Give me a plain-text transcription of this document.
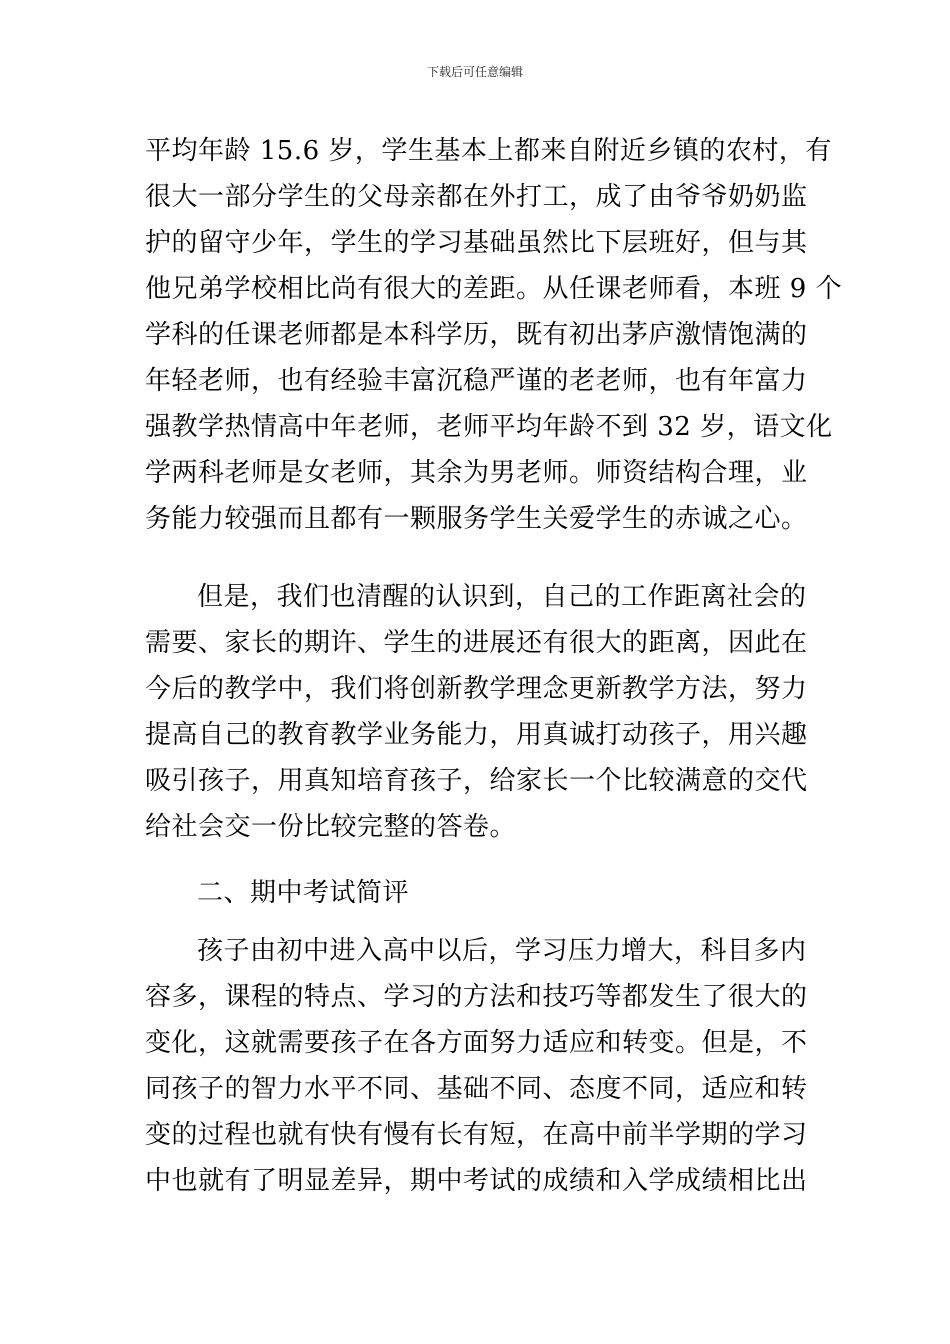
下载后可任意编辑
平均年龄 15.6 岁，学生基本上都来自附近乡镇的农村，有
很大一部分学生的父母亲都在外打工，成了由爷爷奶奶监
护的留守少年，学生的学习基础虽然比下层班好，但与其
他兄弟学校相比尚有很大的差距。从任课老师看，本班 9 个
学科的任课老师都是本科学历，既有初出茅庐激情饱满的
年轻老师，也有经验丰富沉稳严谨的老老师，也有年富力
强教学热情高中年老师，老师平均年龄不到 32 岁，语文化
学两科老师是女老师，其余为男老师。师资结构合理，业
务能力较强而且都有一颗服务学生关爱学生的赤诚之心。
但是，我们也清醒的认识到，自己的工作距离社会的
需要、家长的期许、学生的进展还有很大的距离，因此在
今后的教学中，我们将创新教学理念更新教学方法，努力
提高自己的教育教学业务能力，用真诚打动孩子，用兴趣
吸引孩子，用真知培育孩子，给家长一个比较满意的交代
给社会交一份比较完整的答卷。
二、期中考试简评
孩子由初中进入高中以后，学习压力增大，科目多内
容多，课程的特点、学习的方法和技巧等都发生了很大的
变化，这就需要孩子在各方面努力适应和转变。但是，不
同孩子的智力水平不同、基础不同、态度不同，适应和转
变的过程也就有快有慢有长有短，在高中前半学期的学习
中也就有了明显差异，期中考试的成绩和入学成绩相比出
